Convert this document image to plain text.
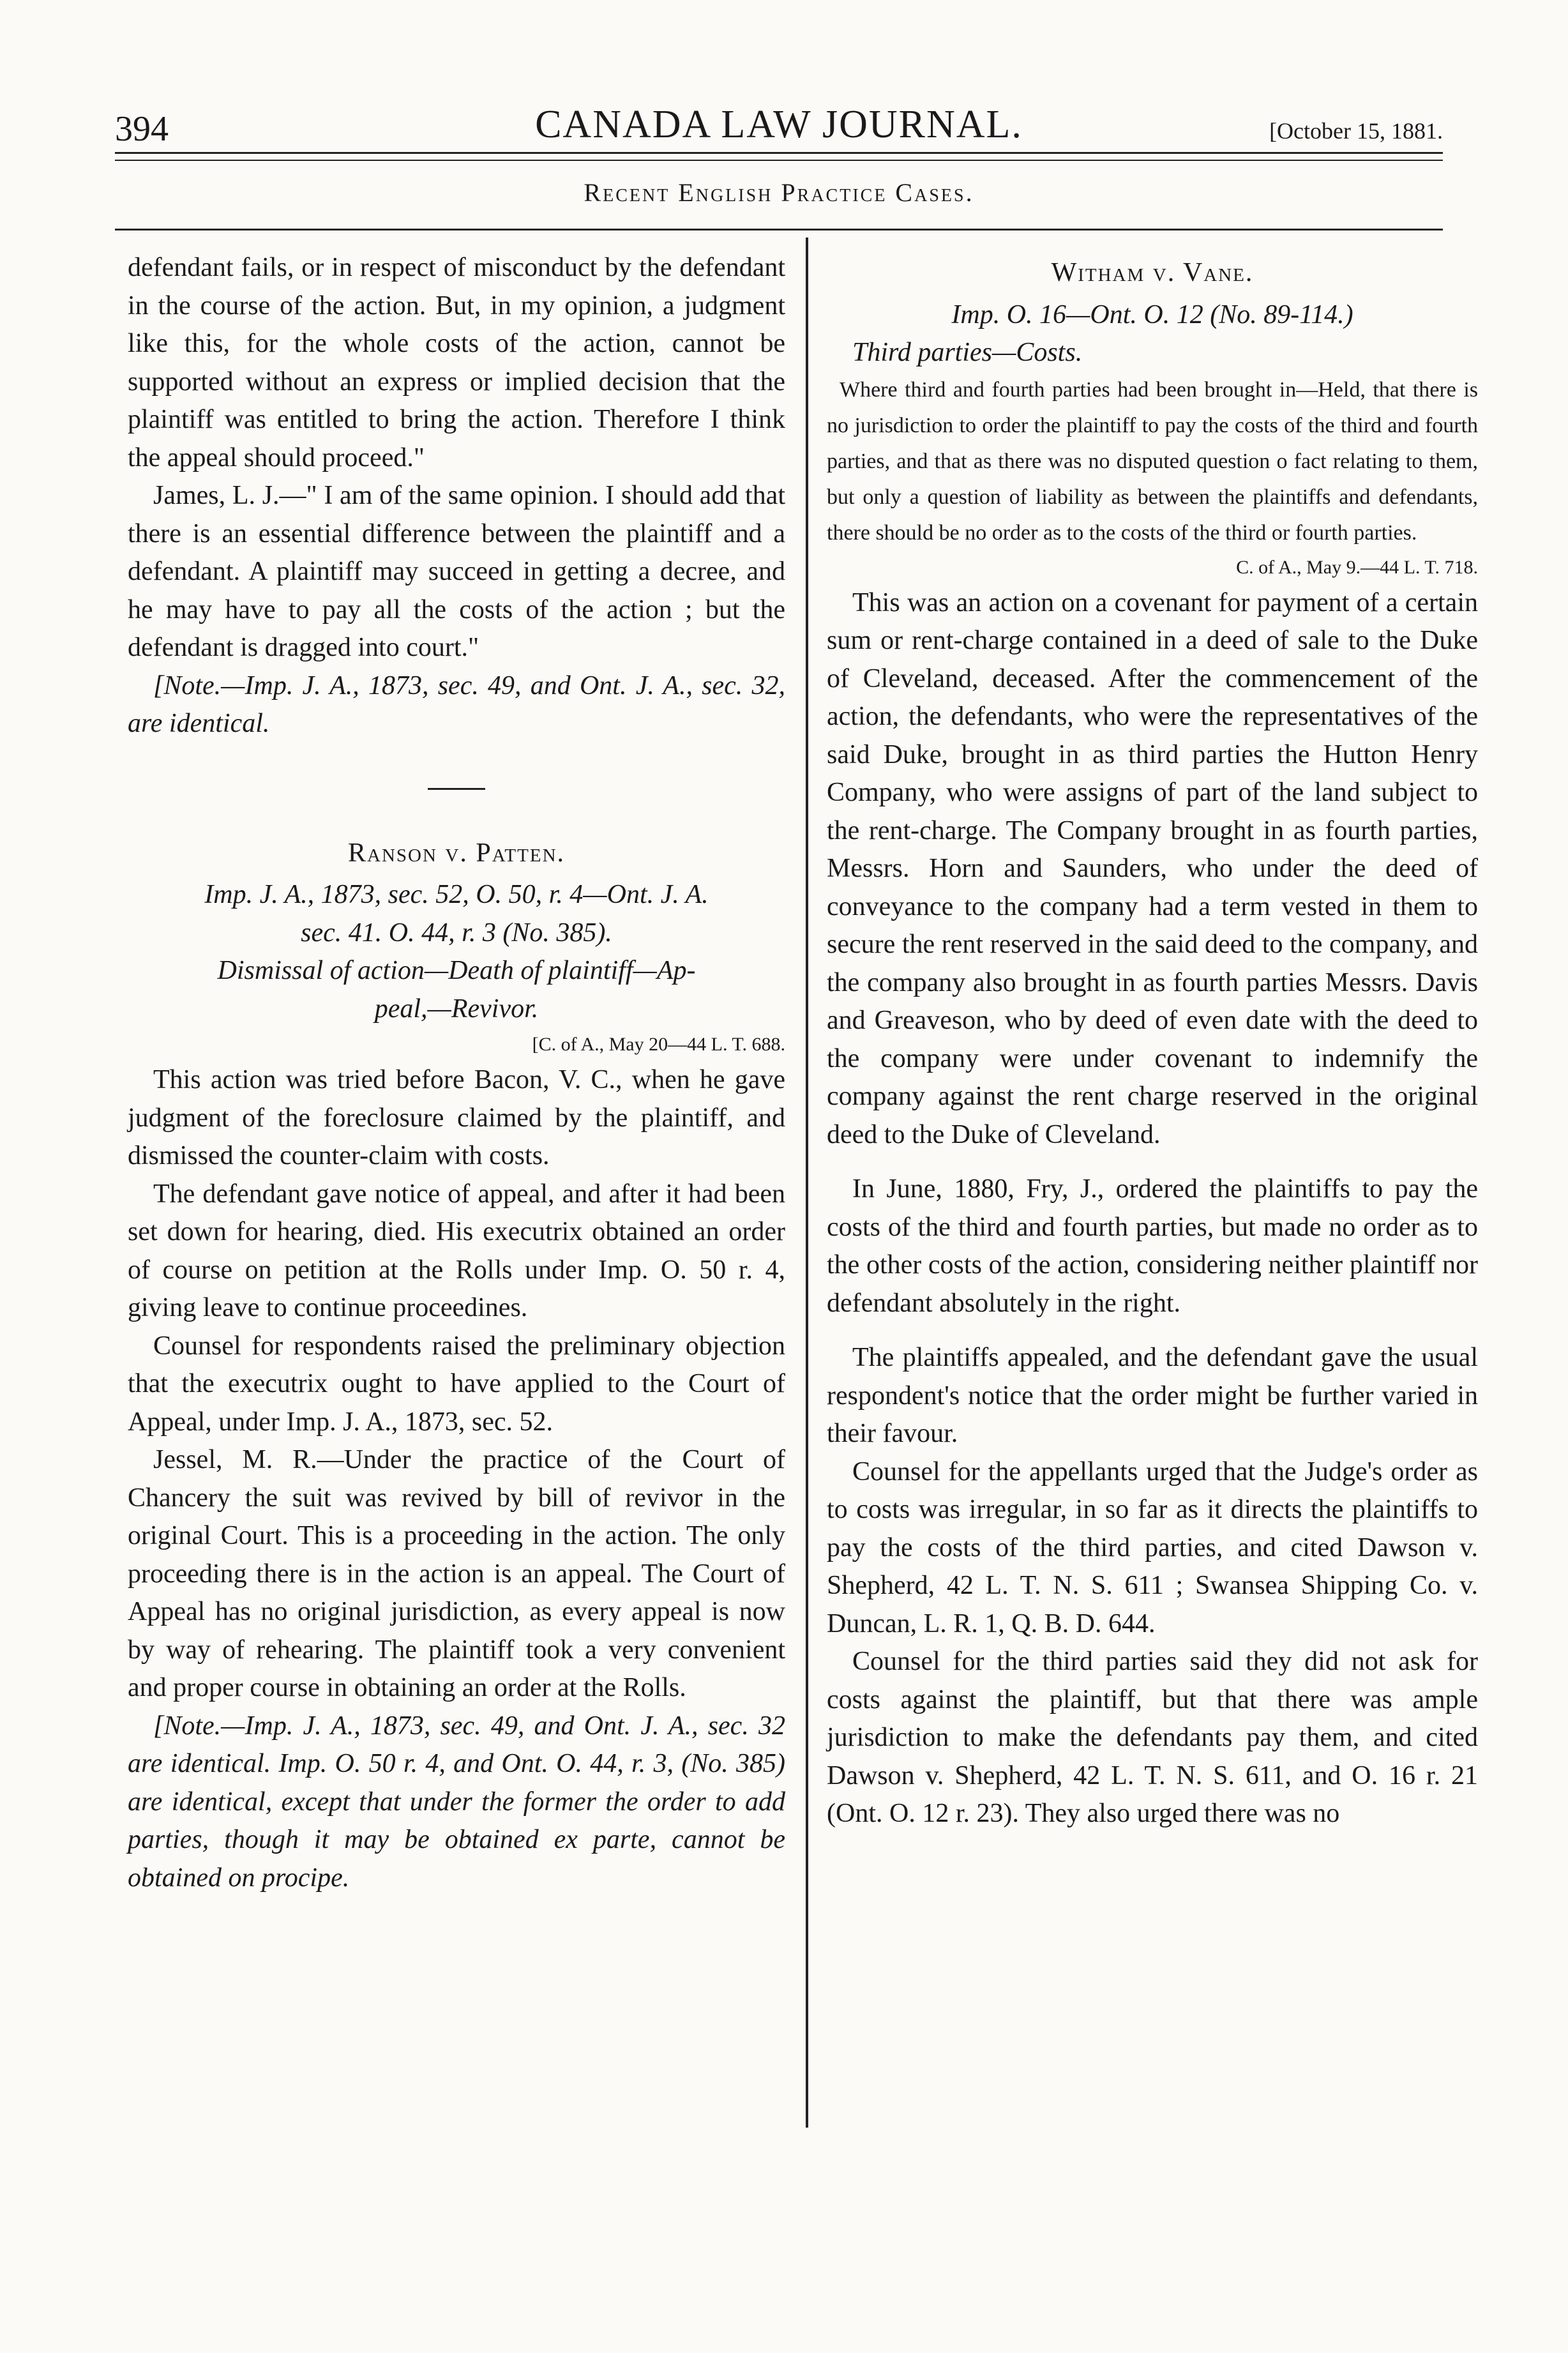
394	CANADA LAW JOURNAL.	[October 15, 1881.
Recent English Practice Cases.

defendant fails, or in respect of misconduct by the defendant in the course of the action. But, in my opinion, a judgment like this, for the whole costs of the action, cannot be supported without an express or implied decision that the plaintiff was entitled to bring the action. Therefore I think the appeal should proceed."

James, L. J.—" I am of the same opinion. I should add that there is an essential difference between the plaintiff and a defendant. A plaintiff may succeed in getting a decree, and he may have to pay all the costs of the action ; but the defendant is dragged into court."

[Note.—Imp. J. A., 1873, sec. 49, and Ont. J. A., sec. 32, are identical.

Ranson v. Patten.

Imp. J. A., 1873, sec. 52, O. 50, r. 4—Ont. J. A.

sec. 41. O. 44, r. 3 (No. 385).

Dismissal of action—Death of plaintiff—Ap-

peal,—Revivor.

[C. of A., May 20—44 L. T. 688.

This action was tried before Bacon, V. C., when he gave judgment of the foreclosure claimed by the plaintiff, and dismissed the counter-claim with costs.

The defendant gave notice of appeal, and after it had been set down for hearing, died. His executrix obtained an order of course on petition at the Rolls under Imp. O. 50 r. 4, giving leave to continue proceedines.

Counsel for respondents raised the preliminary objection that the executrix ought to have applied to the Court of Appeal, under Imp. J. A., 1873, sec. 52.

Jessel, M. R.—Under the practice of the Court of Chancery the suit was revived by bill of revivor in the original Court. This is a proceeding in the action. The only proceeding there is in the action is an appeal. The Court of Appeal has no original jurisdiction, as every appeal is now by way of rehearing. The plaintiff took a very convenient and proper course in obtaining an order at the Rolls.

[Note.—Imp. J. A., 1873, sec. 49, and Ont. J. A., sec. 32 are identical. Imp. O. 50 r. 4, and Ont. O. 44, r. 3, (No. 385) are identical, except that under the former the order to add parties, though it may be obtained ex parte, cannot be obtained on procipe.

Witham v. Vane.

Imp. O. 16—Ont. O. 12 (No. 89-114.)

Third parties—Costs.

Where third and fourth parties had been brought in—Held, that there is no jurisdiction to order the plaintiff to pay the costs of the third and fourth parties, and that as there was no disputed question o fact relating to them, but only a question of liability as between the plaintiffs and defendants, there should be no order as to the costs of the third or fourth parties.

C. of A., May 9.—44 L. T. 718.

This was an action on a covenant for payment of a certain sum or rent-charge contained in a deed of sale to the Duke of Cleveland, deceased. After the commencement of the action, the defendants, who were the representatives of the said Duke, brought in as third parties the Hutton Henry Company, who were assigns of part of the land subject to the rent-charge. The Company brought in as fourth parties, Messrs. Horn and Saunders, who under the deed of conveyance to the company had a term vested in them to secure the rent reserved in the said deed to the company, and the company also brought in as fourth parties Messrs. Davis and Greaveson, who by deed of even date with the deed to the company were under covenant to indemnify the company against the rent charge reserved in the original deed to the Duke of Cleveland.

In June, 1880, Fry, J., ordered the plaintiffs to pay the costs of the third and fourth parties, but made no order as to the other costs of the action, considering neither plaintiff nor defendant absolutely in the right.

The plaintiffs appealed, and the defendant gave the usual respondent's notice that the order might be further varied in their favour.

Counsel for the appellants urged that the Judge's order as to costs was irregular, in so far as it directs the plaintiffs to pay the costs of the third parties, and cited Dawson v. Shepherd, 42 L. T. N. S. 611 ; Swansea Shipping Co. v. Duncan, L. R. 1, Q. B. D. 644.

Counsel for the third parties said they did not ask for costs against the plaintiff, but that there was ample jurisdiction to make the defendants pay them, and cited Dawson v. Shepherd, 42 L. T. N. S. 611, and O. 16 r. 21 (Ont. O. 12 r. 23). They also urged there was no
